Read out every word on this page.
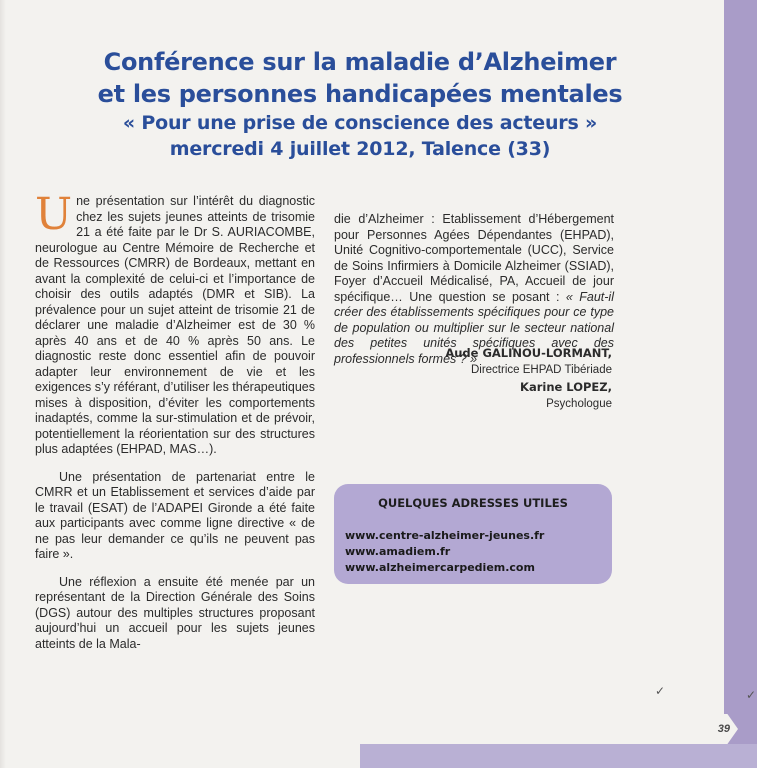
Conférence sur la maladie d’Alzheimer
et les personnes handicapées mentales
« Pour une prise de conscience des acteurs »
mercredi 4 juillet 2012, Talence (33)

Une présentation sur l’intérêt du diagnostic chez les sujets jeunes atteints de trisomie 21 a été faite par le Dr S. AURIACOMBE, neurologue au Centre Mémoire de Recherche et de Ressources (CMRR) de Bordeaux, mettant en avant la complexité de celui-ci et l’importance de choisir des outils adaptés (DMR et SIB). La prévalence pour un sujet atteint de trisomie 21 de déclarer une maladie d’Alzheimer est de 30 % après 40 ans et de 40 % après 50 ans. Le diagnostic reste donc essentiel afin de pouvoir adapter leur environnement de vie et les exigences s’y référant, d’utiliser les thérapeutiques mises à disposition, d’éviter les comportements inadaptés, comme la sur-stimulation et de prévoir, potentiellement la réorientation sur des structures plus adaptées (EHPAD, MAS…).

Une présentation de partenariat entre le CMRR et un Etablissement et services d’aide par le travail (ESAT) de l’ADAPEI Gironde a été faite aux participants avec comme ligne directive « de ne pas leur demander ce qu’ils ne peuvent pas faire ».

Une réflexion a ensuite été menée par un représentant de la Direction Générale des Soins (DGS) autour des multiples structures proposant aujourd’hui un accueil pour les sujets jeunes atteints de la Mala-

die d’Alzheimer : Etablissement d’Hébergement pour Personnes Agées Dépendantes (EHPAD), Unité Cognitivo-comportementale (UCC), Service de Soins Infirmiers à Domicile Alzheimer (SSIAD), Foyer d’Accueil Médicalisé, PA, Accueil de jour spécifique… Une question se posant : « Faut-il créer des établissements spécifiques pour ce type de population ou multiplier sur le secteur national des petites unités spécifiques avec des professionnels formés ? »

Aude GALINOU-LORMANT,
Directrice EHPAD Tibériade
Karine LOPEZ,
Psychologue
QUELQUES ADRESSES UTILES
www.centre-alzheimer-jeunes.fr
www.amadiem.fr
www.alzheimercarpediem.com
39
✓	✓
